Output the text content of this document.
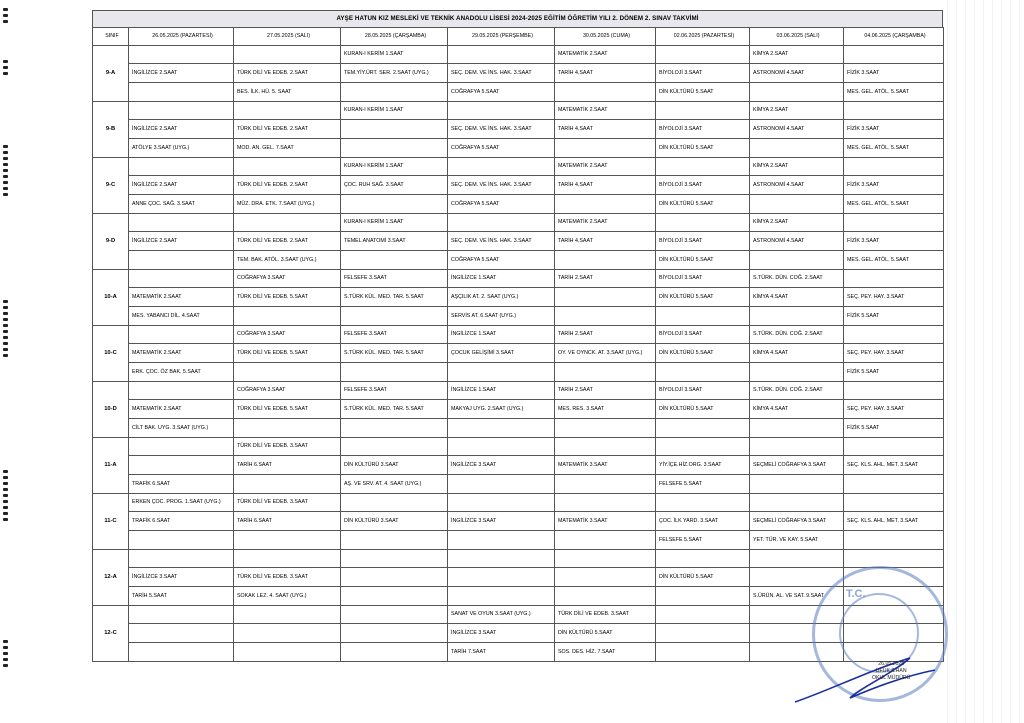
AYŞE HATUN KIZ MESLEKİ VE TEKNİK ANADOLU LİSESİ 2024-2025 EĞİTİM ÖĞRETİM YILI 2. DÖNEM 2. SINAV TAKVİMİ
SINIF	26.05.2025 (PAZARTESİ)	27.05.2025 (SALI)	28.05.2025 (ÇARŞAMBA)	29.05.2025 (PERŞEMBE)	30.05.2025 (CUMA)	02.06.2025 (PAZARTESİ)	03.06.2025 (SALI)	04.06.2025 (ÇARŞAMBA)
9-A			KURAN-I KERİM 1.SAAT		MATEMATİK 2.SAAT		KİMYA 2.SAAT	
	İNGİLİZCE 2.SAAT	TÜRK DİLİ VE EDEB. 2.SAAT	TEM.YİY.ÜRT. SER. 2.SAAT (UYG.)	SEÇ. DEM. VE İNS. HAK. 3.SAAT	TARİH 4.SAAT	BİYOLOJİ 3.SAAT	ASTRONOMİ 4.SAAT	FİZİK 3.SAAT
		BES. İLK. HÜ. 5. SAAT		COĞRAFYA 5.SAAT		DİN KÜLTÜRÜ 5.SAAT		MES. GEL. ATÖL. 5.SAAT
9-B			KURAN-I KERİM 1.SAAT		MATEMATİK 2.SAAT		KİMYA 2.SAAT	
	İNGİLİZCE 2.SAAT	TÜRK DİLİ VE EDEB. 2.SAAT		SEÇ. DEM. VE İNS. HAK. 3.SAAT	TARİH 4.SAAT	BİYOLOJİ 3.SAAT	ASTRONOMİ 4.SAAT	FİZİK 3.SAAT
	ATÖLYE 3.SAAT (UYG.)	MOD. AN. GEL. 7.SAAT		COĞRAFYA 5.SAAT		DİN KÜLTÜRÜ 5.SAAT		MES. GEL. ATÖL. 5.SAAT
9-C			KURAN-I KERİM 1.SAAT		MATEMATİK 2.SAAT		KİMYA 2.SAAT	
	İNGİLİZCE 2.SAAT	TÜRK DİLİ VE EDEB. 2.SAAT	ÇOC. RUH SAĞ. 3.SAAT	SEÇ. DEM. VE İNS. HAK. 3.SAAT	TARİH 4.SAAT	BİYOLOJİ 3.SAAT	ASTRONOMİ 4.SAAT	FİZİK 3.SAAT
	ANNE ÇOC. SAĞ. 3.SAAT	MÜZ. DRA. ETK. 7.SAAT (UYG.)		COĞRAFYA 5.SAAT		DİN KÜLTÜRÜ 5.SAAT		MES. GEL. ATÖL. 5.SAAT
9-D			KURAN-I KERİM 1.SAAT		MATEMATİK 2.SAAT		KİMYA 2.SAAT	
	İNGİLİZCE 2.SAAT	TÜRK DİLİ VE EDEB. 2.SAAT	TEMEL ANATOMİ 3.SAAT	SEÇ. DEM. VE İNS. HAK. 3.SAAT	TARİH 4.SAAT	BİYOLOJİ 3.SAAT	ASTRONOMİ 4.SAAT	FİZİK 3.SAAT
		TEM. BAK. ATÖL. 3.SAAT (UYG.)		COĞRAFYA 5.SAAT		DİN KÜLTÜRÜ 5.SAAT		MES. GEL. ATÖL. 5.SAAT
10-A		COĞRAFYA 3.SAAT	FELSEFE 3.SAAT	İNGİLİZCE 1.SAAT	TARİH 2.SAAT	BİYOLOJİ 3.SAAT	S.TÜRK. DÜN. COĞ. 2.SAAT	
	MATEMATİK 2.SAAT	TÜRK DİLİ VE EDEB. 5.SAAT	S.TÜRK KÜL. MED. TAR. 5.SAAT	AŞÇILIK AT. 2. SAAT (UYG.)		DİN KÜLTÜRÜ 5.SAAT	KİMYA 4.SAAT	SEÇ. PEY. HAY. 3.SAAT
	MES. YABANCI DİL. 4.SAAT			SERVİS AT. 6.SAAT (UYG.)				FİZİK 5.SAAT
10-C		COĞRAFYA 3.SAAT	FELSEFE 3.SAAT	İNGİLİZCE 1.SAAT	TARİH 2.SAAT	BİYOLOJİ 3.SAAT	S.TÜRK. DÜN. COĞ. 2.SAAT	
	MATEMATİK 2.SAAT	TÜRK DİLİ VE EDEB. 5.SAAT	S.TÜRK KÜL. MED. TAR. 5.SAAT	ÇOCUK GELİŞİMİ 3.SAAT	OY. VE OYNCK. AT. 3.SAAT (UYG.)	DİN KÜLTÜRÜ 5.SAAT	KİMYA 4.SAAT	SEÇ. PEY. HAY. 3.SAAT
	ERK. ÇOC. ÖZ BAK. 5.SAAT							FİZİK 5.SAAT
10-D		COĞRAFYA 3.SAAT	FELSEFE 3.SAAT	İNGİLİZCE 1.SAAT	TARİH 2.SAAT	BİYOLOJİ 3.SAAT	S.TÜRK. DÜN. COĞ. 2.SAAT	
	MATEMATİK 2.SAAT	TÜRK DİLİ VE EDEB. 5.SAAT	S.TÜRK KÜL. MED. TAR. 5.SAAT	MAKYAJ UYG. 2.SAAT (UYG.)	MES. RES. 3.SAAT	DİN KÜLTÜRÜ 5.SAAT	KİMYA 4.SAAT	SEÇ. PEY. HAY. 3.SAAT
	CİLT BAK. UYG. 3.SAAT (UYG.)							FİZİK 5.SAAT
11-A		TÜRK DİLİ VE EDEB. 3.SAAT						
		TARİH 6.SAAT	DİN KÜLTÜRÜ 3.SAAT	İNGİLİZCE 3.SAAT	MATEMATİK 3.SAAT	YİY.İÇE.HİZ.ORG. 3.SAAT	SEÇMELİ COĞRAFYA 3.SAAT	SEÇ. KLS. AHL. MET. 3.SAAT
	TRAFİK 6.SAAT		AŞ. VE SRV. AT. 4. SAAT (UYG.)			FELSEFE 5.SAAT		
11-C	ERKEN ÇOC. PROG. 1.SAAT (UYG.)	TÜRK DİLİ VE EDEB. 3.SAAT						
	TRAFİK 6.SAAT	TARİH 6.SAAT	DİN KÜLTÜRÜ 3.SAAT	İNGİLİZCE 3.SAAT	MATEMATİK 3.SAAT	ÇOC. İLK YARD. 3.SAAT	SEÇMELİ COĞRAFYA 3.SAAT	SEÇ. KLS. AHL. MET. 3.SAAT
						FELSEFE 5.SAAT	YET. TÜR. VE KAY. 5.SAAT	
12-A								
	İNGİLİZCE 3.SAAT	TÜRK DİLİ VE EDEB. 3.SAAT				DİN KÜLTÜRÜ 5.SAAT		
	TARİH 5.SAAT	SOKAK LEZ. 4. SAAT (UYG.)					S.ÜRÜN. AL. VE SAT. 9.SAAT	
12-C				SANAT VE OYUN 3.SAAT (UYG.)	TÜRK DİLİ VE EDEB. 3.SAAT			
				İNGİLİZCE 3.SAAT	DİN KÜLTÜRÜ 5.SAAT			
				TARİH 7.SAAT	SOS. DES. HİZ. 7.SAAT			
T.C.
26.05.2025
UFUK İLHAN
OKUL MÜDÜRÜ
